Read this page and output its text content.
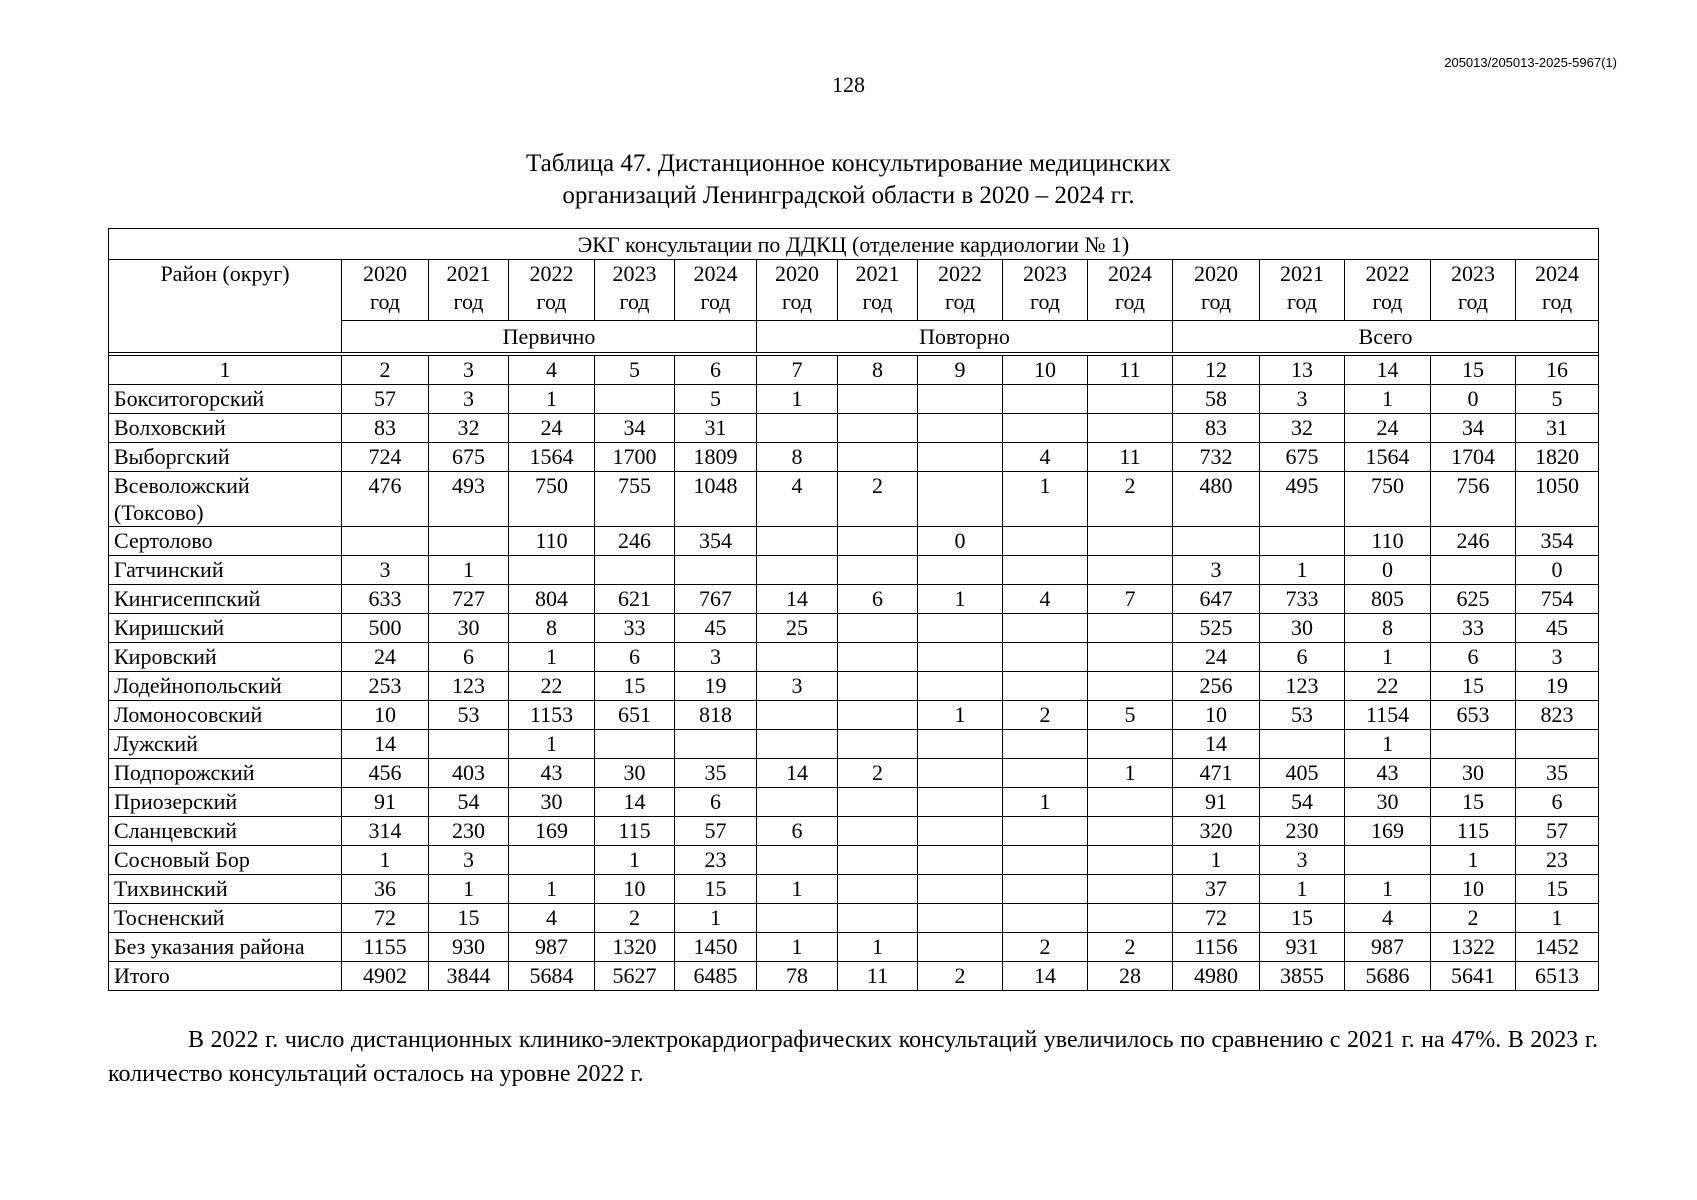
205013/205013-2025-5967(1)
128
Таблица 47. Дистанционное консультирование медицинских
организаций Ленинградской области в 2020 – 2024 гг.
ЭКГ консультации по ДДКЦ (отделение кардиологии № 1)															
Район (округ)	2020 год	2021 год	2022 год	2023 год	2024 год	2020 год	2021 год	2022 год	2023 год	2024 год	2020 год	2021 год	2022 год	2023 год	2024 год
	Первично					Повторно					Всего				

1	2	3	4	5	6	7	8	9	10	11	12	13	14	15	16
Бокситогорский	57	3	1		5	1					58	3	1	0	5
Волховский	83	32	24	34	31						83	32	24	34	31
Выборгский	724	675	1564	1700	1809	8			4	11	732	675	1564	1704	1820
Всеволожский (Токсово)	476	493	750	755	1048	4	2		1	2	480	495	750	756	1050
Сертолово			110	246	354			0					110	246	354
Гатчинский	3	1									3	1	0		0
Кингисеппский	633	727	804	621	767	14	6	1	4	7	647	733	805	625	754
Киришский	500	30	8	33	45	25					525	30	8	33	45
Кировский	24	6	1	6	3						24	6	1	6	3
Лодейнопольский	253	123	22	15	19	3					256	123	22	15	19
Ломоносовский	10	53	1153	651	818			1	2	5	10	53	1154	653	823
Лужский	14		1								14		1		
Подпорожский	456	403	43	30	35	14	2			1	471	405	43	30	35
Приозерский	91	54	30	14	6				1		91	54	30	15	6
Сланцевский	314	230	169	115	57	6					320	230	169	115	57
Сосновый Бор	1	3		1	23						1	3		1	23
Тихвинский	36	1	1	10	15	1					37	1	1	10	15
Тосненский	72	15	4	2	1						72	15	4	2	1
Без указания района	1155	930	987	1320	1450	1	1		2	2	1156	931	987	1322	1452
Итого	4902	3844	5684	5627	6485	78	11	2	14	28	4980	3855	5686	5641	6513
В 2022 г. число дистанционных клинико-электрокардиографических консультаций увеличилось по сравнению с 2021 г. на 47%. В 2023 г. количество консультаций осталось на уровне 2022 г.
